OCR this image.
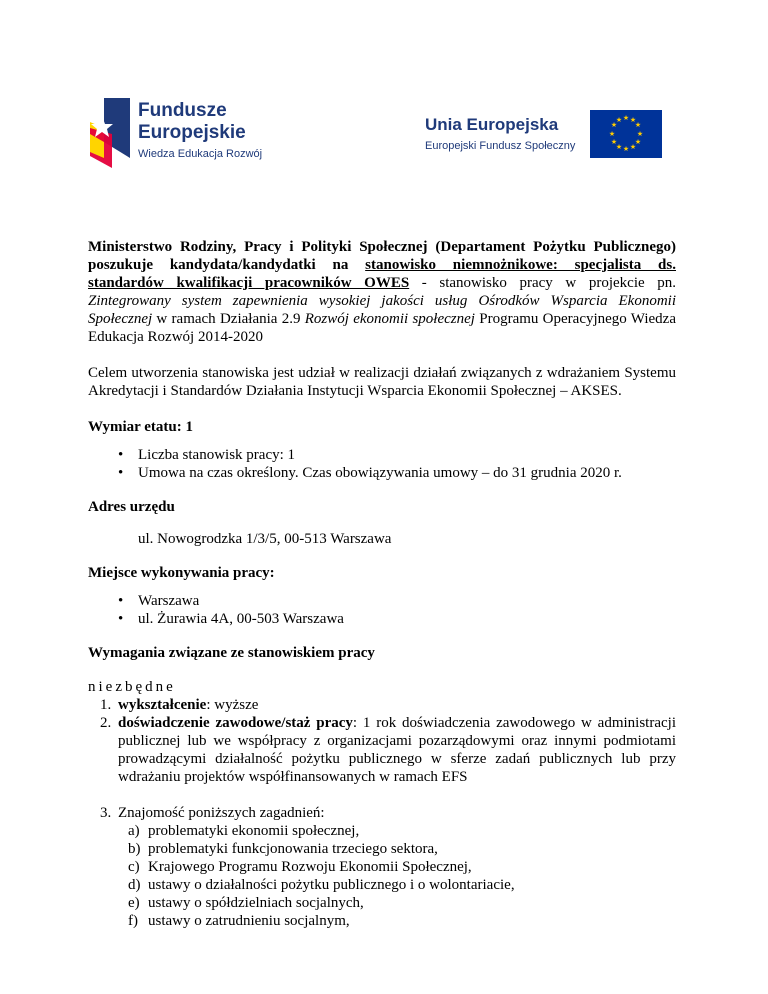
Fundusze
Europejskie
Wiedza Edukacja Rozwój
Unia Europejska
Europejski Fundusz Społeczny
★ ★
★
★
★
★
★
★
★
★
★
★

Ministerstwo Rodziny, Pracy i Polityki Społecznej (Departament Pożytku Publicznego) poszukuje kandydata/kandydatki na stanowisko niemnożnikowe: specjalista ds. standardów kwalifikacji pracowników OWES - stanowisko pracy w projekcie pn. Zintegrowany system zapewnienia wysokiej jakości usług Ośrodków Wsparcia Ekonomii Społecznej w ramach Działania 2.9 Rozwój ekonomii społecznej Programu Operacyjnego Wiedza Edukacja Rozwój 2014-2020

Celem utworzenia stanowiska jest udział w realizacji działań związanych z wdrażaniem Systemu Akredytacji i Standardów Działania Instytucji Wsparcia Ekonomii Społecznej – AKSES.

Wymiar etatu: 1

• Liczba stanowisk pracy: 1
• Umowa na czas określony. Czas obowiązywania umowy – do 31 grudnia 2020 r.

Adres urzędu

ul. Nowogrodzka 1/3/5, 00-513 Warszawa

Miejsce wykonywania pracy:

• Warszawa
• ul. Żurawia 4A, 00-503 Warszawa

Wymagania związane ze stanowiskiem pracy

niezbędne

1. wykształcenie: wyższe
2. doświadczenie zawodowe/staż pracy: 1 rok doświadczenia zawodowego w administracji publicznej lub we współpracy z organizacjami pozarządowymi oraz innymi podmiotami prowadzącymi działalność pożytku publicznego w sferze zadań publicznych lub przy wdrażaniu projektów współfinansowanych w ramach EFS
3. Znajomość poniższych zagadnień:
a) problematyki ekonomii społecznej,
b) problematyki funkcjonowania trzeciego sektora,
c) Krajowego Programu Rozwoju Ekonomii Społecznej,
d) ustawy o działalności pożytku publicznego i o wolontariacie,
e) ustawy o spółdzielniach socjalnych,
f) ustawy o zatrudnieniu socjalnym,
